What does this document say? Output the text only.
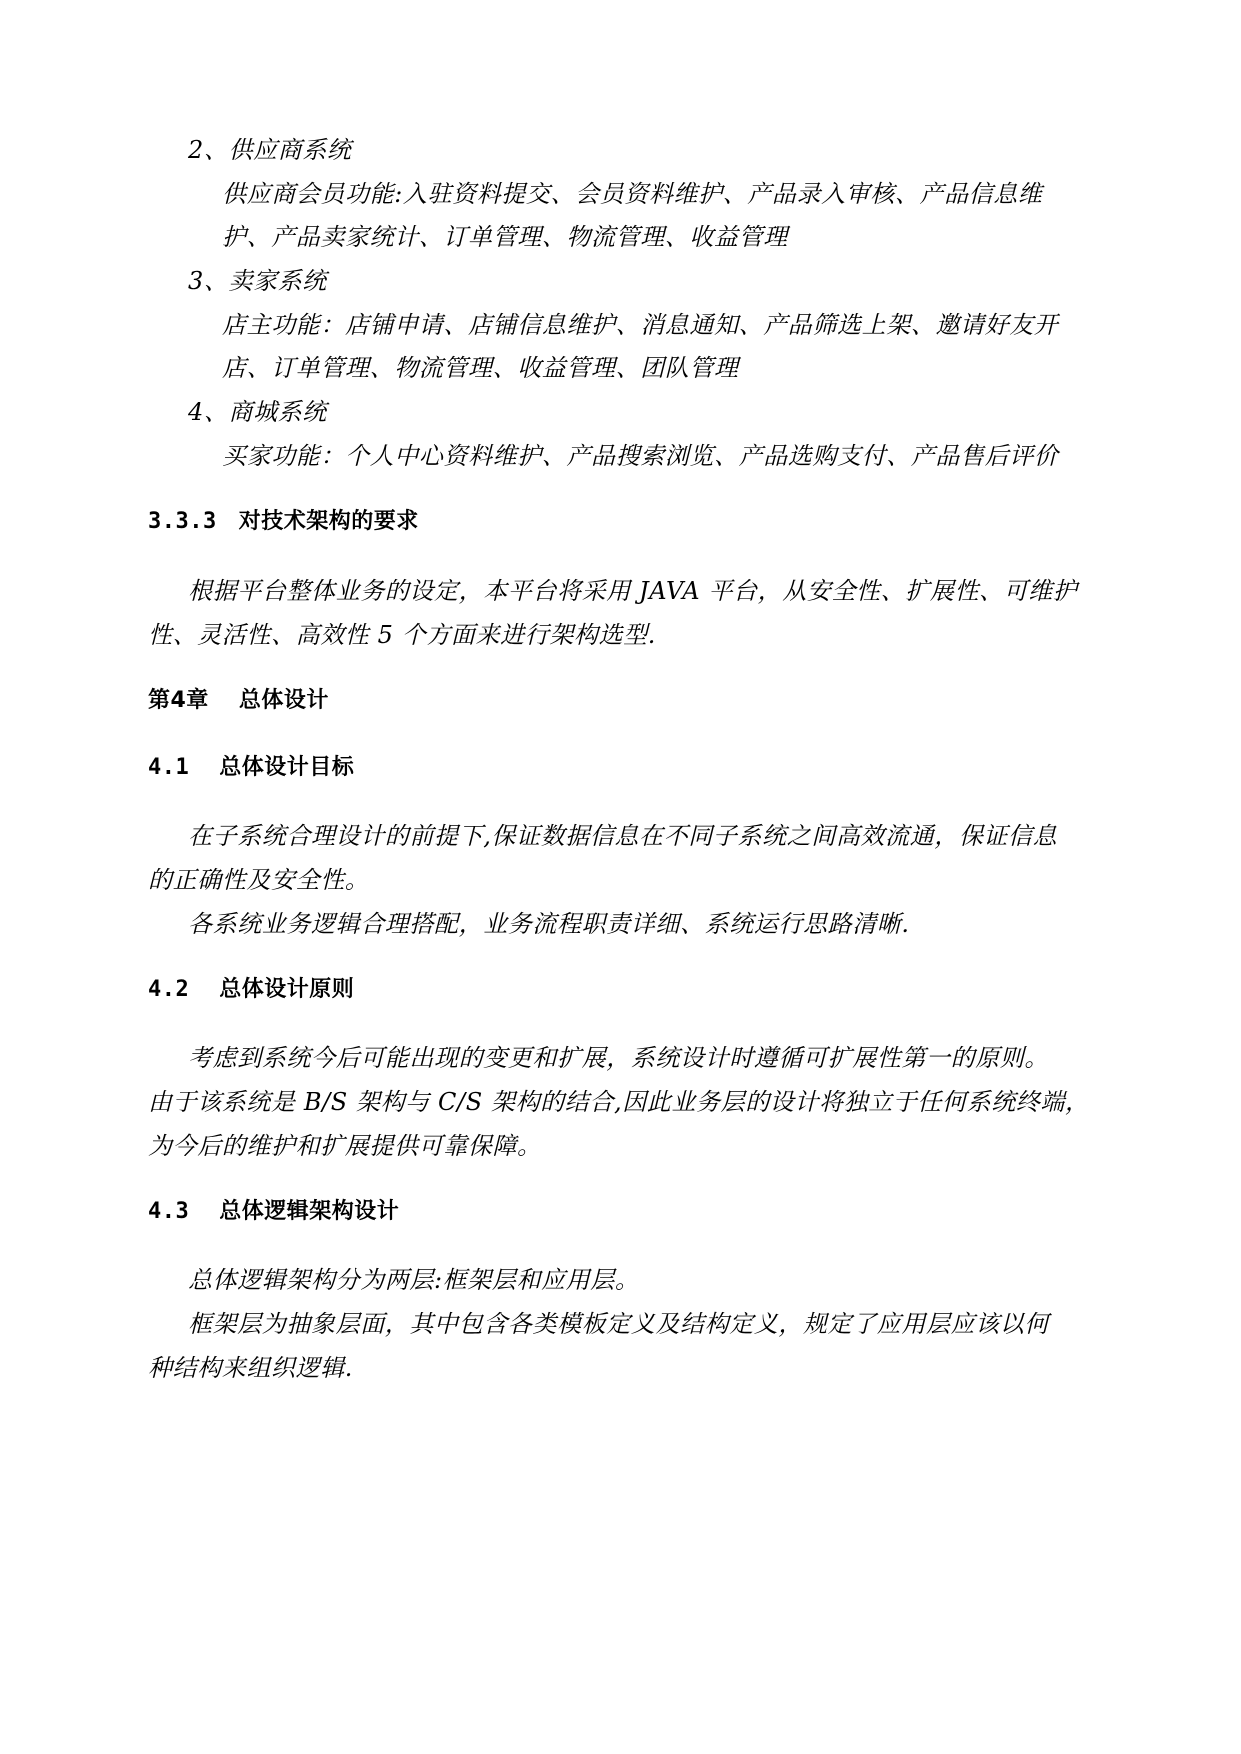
2、供应商系统
供应商会员功能:入驻资料提交、会员资料维护、产品录入审核、产品信息维
护、产品卖家统计、订单管理、物流管理、收益管理
3、卖家系统
店主功能：店铺申请、店铺信息维护、消息通知、产品筛选上架、邀请好友开
店、订单管理、物流管理、收益管理、团队管理
4、商城系统
买家功能：个人中心资料维护、产品搜索浏览、产品选购支付、产品售后评价
3.3.3 对技术架构的要求
根据平台整体业务的设定，本平台将采用 JAVA 平台，从安全性、扩展性、可维护
性、灵活性、高效性 5 个方面来进行架构选型.
第4章 总体设计
4.1 总体设计目标
在子系统合理设计的前提下,保证数据信息在不同子系统之间高效流通，保证信息
的正确性及安全性。
各系统业务逻辑合理搭配，业务流程职责详细、系统运行思路清晰.
4.2 总体设计原则
考虑到系统今后可能出现的变更和扩展，系统设计时遵循可扩展性第一的原则。
由于该系统是 B/S 架构与 C/S 架构的结合,因此业务层的设计将独立于任何系统终端，
为今后的维护和扩展提供可靠保障。
4.3 总体逻辑架构设计
总体逻辑架构分为两层:框架层和应用层。
框架层为抽象层面，其中包含各类模板定义及结构定义，规定了应用层应该以何
种结构来组织逻辑.
